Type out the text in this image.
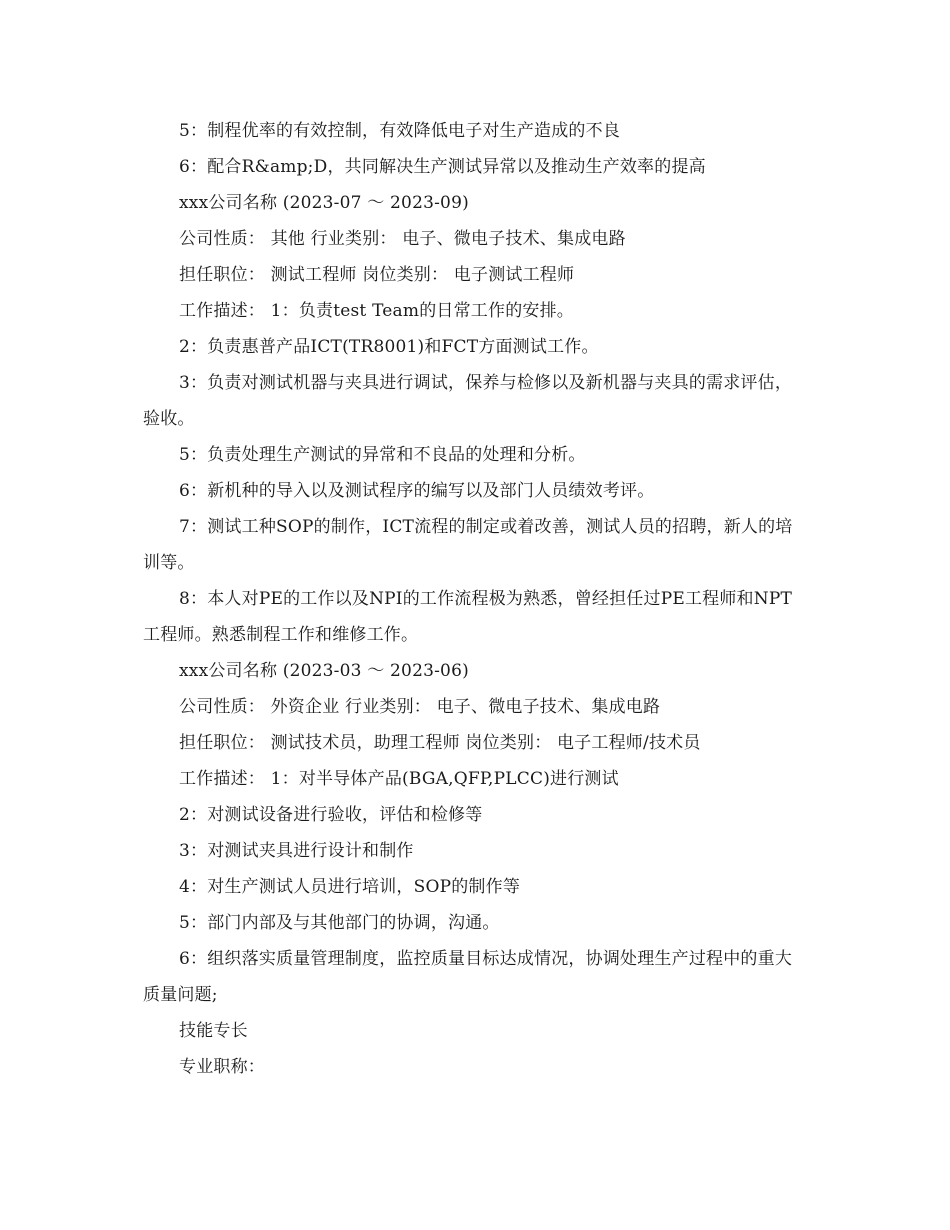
5：制程优率的有效控制，有效降低电子对生产造成的不良

6：配合R&amp;D，共同解决生产测试异常以及推动生产效率的提高

xxx公司名称 (2023-07 ～ 2023-09)

公司性质： 其他 行业类别： 电子、微电子技术、集成电路

担任职位： 测试工程师 岗位类别： 电子测试工程师

工作描述： 1：负责test Team的日常工作的安排。

2：负责惠普产品ICT(TR8001)和FCT方面测试工作。

3：负责对测试机器与夹具进行调试，保养与检修以及新机器与夹具的需求评估，验收。

5：负责处理生产测试的异常和不良品的处理和分析。

6：新机种的导入以及测试程序的编写以及部门人员绩效考评。

7：测试工种SOP的制作，ICT流程的制定或着改善，测试人员的招聘，新人的培训等。

8：本人对PE的工作以及NPI的工作流程极为熟悉，曾经担任过PE工程师和NPT工程师。熟悉制程工作和维修工作。

xxx公司名称 (2023-03 ～ 2023-06)

公司性质： 外资企业 行业类别： 电子、微电子技术、集成电路

担任职位： 测试技术员，助理工程师 岗位类别： 电子工程师/技术员

工作描述： 1：对半导体产品(BGA,QFP,PLCC)进行测试

2：对测试设备进行验收，评估和检修等

3：对测试夹具进行设计和制作

4：对生产测试人员进行培训，SOP的制作等

5：部门内部及与其他部门的协调，沟通。

6：组织落实质量管理制度，监控质量目标达成情况，协调处理生产过程中的重大质量问题;

技能专长

专业职称：
